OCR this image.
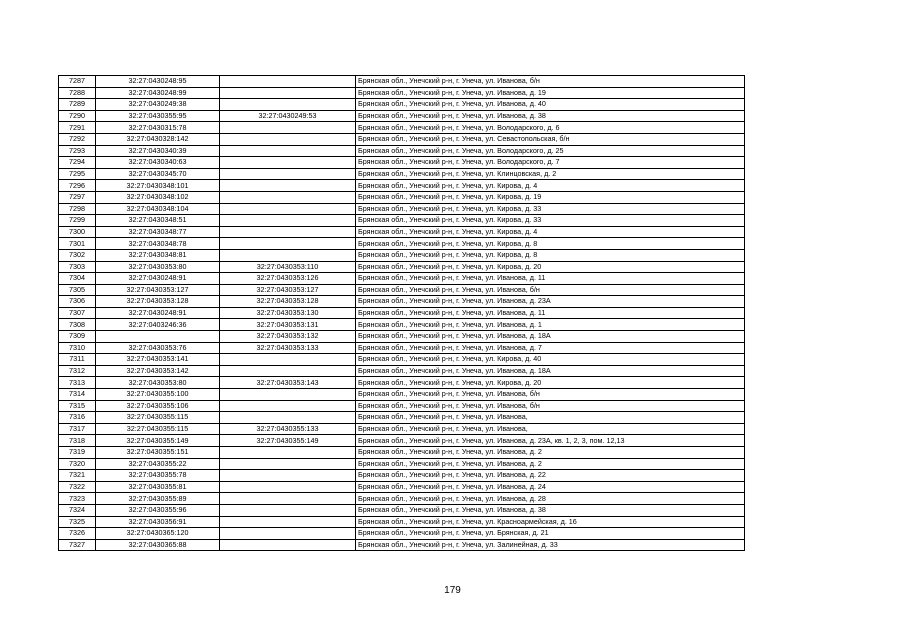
7287	32:27:0430248:95		Брянская обл., Унечский р-н, г. Унеча, ул. Иванова, б/н
7288	32:27:0430248:99		Брянская обл., Унечский р-н, г. Унеча, ул. Иванова, д. 19
7289	32:27:0430249:38		Брянская обл., Унечский р-н, г. Унеча, ул. Иванова, д. 40
7290	32:27:0430355:95	32:27:0430249:53	Брянская обл., Унечский р-н, г. Унеча, ул. Иванова, д. 38
7291	32:27:0430315:78		Брянская обл., Унечский р-н, г. Унеча, ул. Володарского, д. 6
7292	32:27:0430328:142		Брянская обл., Унечский р-н, г. Унеча, ул. Севастопольская, б/н
7293	32:27:0430340:39		Брянская обл., Унечский р-н, г. Унеча, ул. Володарского, д. 25
7294	32:27:0430340:63		Брянская обл., Унечский р-н, г. Унеча, ул. Володарского, д. 7
7295	32:27:0430345:70		Брянская обл., Унечский р-н, г. Унеча, ул. Клинцовская, д. 2
7296	32:27:0430348:101		Брянская обл., Унечский р-н, г. Унеча, ул. Кирова, д. 4
7297	32:27:0430348:102		Брянская обл., Унечский р-н, г. Унеча, ул. Кирова, д. 19
7298	32:27:0430348:104		Брянская обл., Унечский р-н, г. Унеча, ул. Кирова, д. 33
7299	32:27:0430348:51		Брянская обл., Унечский р-н, г. Унеча, ул. Кирова, д. 33
7300	32:27:0430348:77		Брянская обл., Унечский р-н, г. Унеча, ул. Кирова, д. 4
7301	32:27:0430348:78		Брянская обл., Унечский р-н, г. Унеча, ул. Кирова, д. 8
7302	32:27:0430348:81		Брянская обл., Унечский р-н, г. Унеча, ул. Кирова, д. 8
7303	32:27:0430353:80	32:27:0430353:110	Брянская обл., Унечский р-н, г. Унеча, ул. Кирова, д. 20
7304	32:27:0430248:91	32:27:0430353:126	Брянская обл., Унечский р-н, г. Унеча, ул. Иванова, д. 11
7305	32:27:0430353:127	32:27:0430353:127	Брянская обл., Унечский р-н, г. Унеча, ул. Иванова, б/н
7306	32:27:0430353:128	32:27:0430353:128	Брянская обл., Унечский р-н, г. Унеча, ул. Иванова, д. 23А
7307	32:27:0430248:91	32:27:0430353:130	Брянская обл., Унечский р-н, г. Унеча, ул. Иванова, д. 11
7308	32:27:0403246:36	32:27:0430353:131	Брянская обл., Унечский р-н, г. Унеча, ул. Иванова, д. 1
7309		32:27:0430353:132	Брянская обл., Унечский р-н, г. Унеча, ул. Иванова, д. 18А
7310	32:27:0430353:76	32:27:0430353:133	Брянская обл., Унечский р-н, г. Унеча, ул. Иванова, д. 7
7311	32:27:0430353:141		Брянская обл., Унечский р-н, г. Унеча, ул. Кирова, д. 40
7312	32:27:0430353:142		Брянская обл., Унечский р-н, г. Унеча, ул. Иванова, д. 18А
7313	32:27:0430353:80	32:27:0430353:143	Брянская обл., Унечский р-н, г. Унеча, ул. Кирова, д. 20
7314	32:27:0430355:100		Брянская обл., Унечский р-н, г. Унеча, ул. Иванова, б/н
7315	32:27:0430355:106		Брянская обл., Унечский р-н, г. Унеча, ул. Иванова, б/н
7316	32:27:0430355:115		Брянская обл., Унечский р-н, г. Унеча, ул. Иванова,
7317	32:27:0430355:115	32:27:0430355:133	Брянская обл., Унечский р-н, г. Унеча, ул. Иванова,
7318	32:27:0430355:149	32:27:0430355:149	Брянская обл., Унечский р-н, г. Унеча, ул. Иванова, д. 23А, кв. 1, 2, 3, пом. 12,13
7319	32:27:0430355:151		Брянская обл., Унечский р-н, г. Унеча, ул. Иванова, д. 2
7320	32:27:0430355:22		Брянская обл., Унечский р-н, г. Унеча, ул. Иванова, д. 2
7321	32:27:0430355:78		Брянская обл., Унечский р-н, г. Унеча, ул. Иванова, д. 22
7322	32:27:0430355:81		Брянская обл., Унечский р-н, г. Унеча, ул. Иванова, д. 24
7323	32:27:0430355:89		Брянская обл., Унечский р-н, г. Унеча, ул. Иванова, д. 28
7324	32:27:0430355:96		Брянская обл., Унечский р-н, г. Унеча, ул. Иванова, д. 38
7325	32:27:0430356:91		Брянская обл., Унечский р-н, г. Унеча, ул. Красноармейская, д. 16
7326	32:27:0430365:120		Брянская обл., Унечский р-н, г. Унеча, ул. Брянская, д. 21
7327	32:27:0430365:88		Брянская обл., Унечский р-н, г. Унеча, ул. Залинейная, д. 33
179
